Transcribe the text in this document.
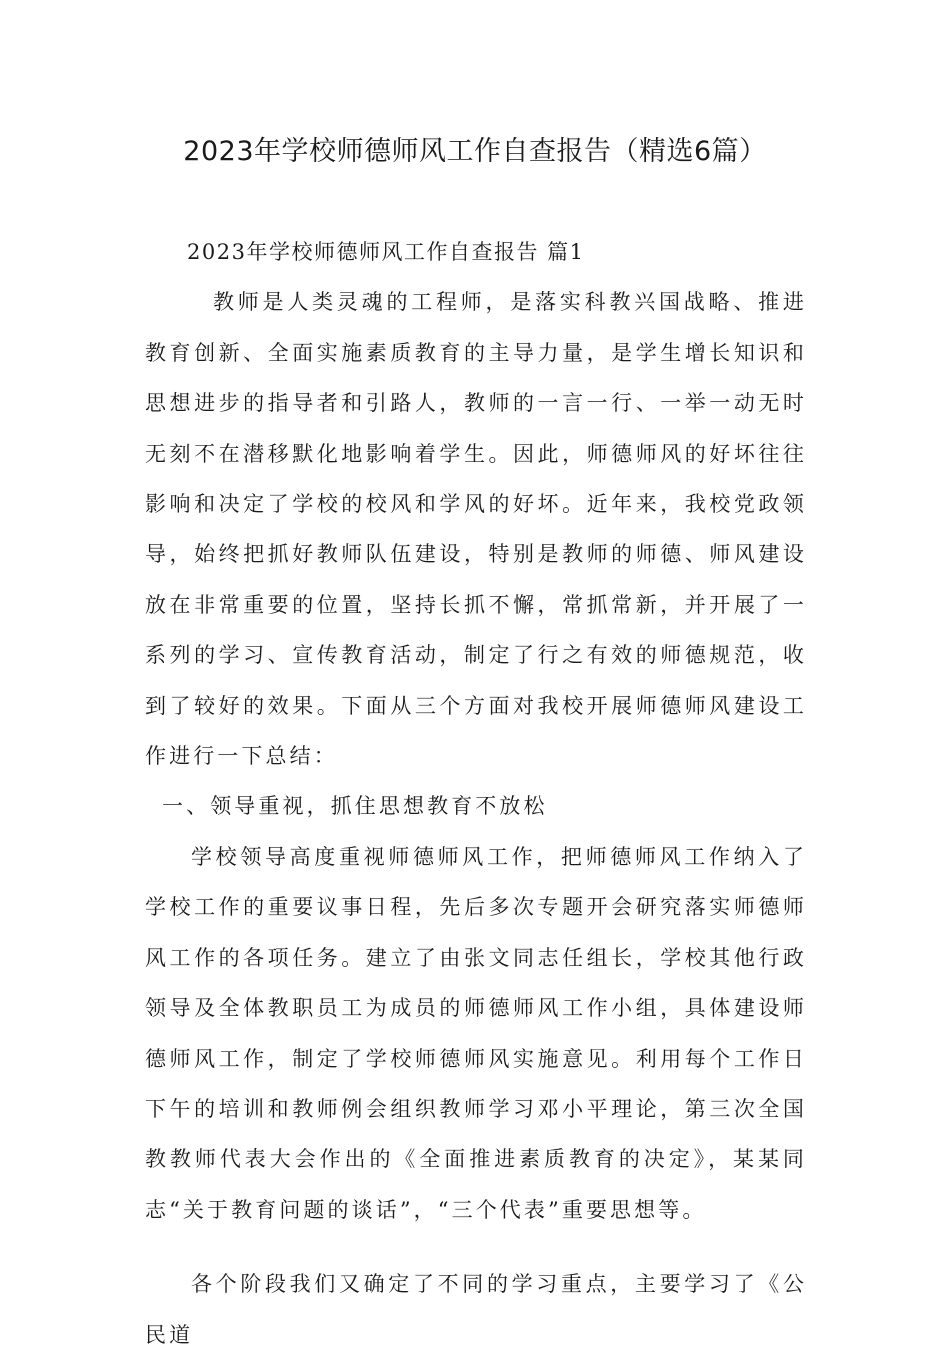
2023年学校师德师风工作自查报告（精选6篇）

2023年学校师德师风工作自查报告 篇1

教师是人类灵魂的工程师，是落实科教兴国战略、推进教育创新、全面实施素质教育的主导力量，是学生增长知识和思想进步的指导者和引路人，教师的一言一行、一举一动无时无刻不在潜移默化地影响着学生。因此，师德师风的好坏往往影响和决定了学校的校风和学风的好坏。近年来，我校党政领导，始终把抓好教师队伍建设，特别是教师的师德、师风建设放在非常重要的位置，坚持长抓不懈，常抓常新，并开展了一系列的学习、宣传教育活动，制定了行之有效的师德规范，收到了较好的效果。下面从三个方面对我校开展师德师风建设工作进行一下总结：

一、领导重视，抓住思想教育不放松

学校领导高度重视师德师风工作，把师德师风工作纳入了学校工作的重要议事日程，先后多次专题开会研究落实师德师风工作的各项任务。建立了由张文同志任组长，学校其他行政领导及全体教职员工为成员的师德师风工作小组，具体建设师德师风工作，制定了学校师德师风实施意见。利用每个工作日下午的培训和教师例会组织教师学习邓小平理论，第三次全国教教师代表大会作出的《全面推进素质教育的决定》，某某同志“关于教育问题的谈话”，“三个代表”重要思想等。

各个阶段我们又确定了不同的学习重点，主要学习了《公民道
